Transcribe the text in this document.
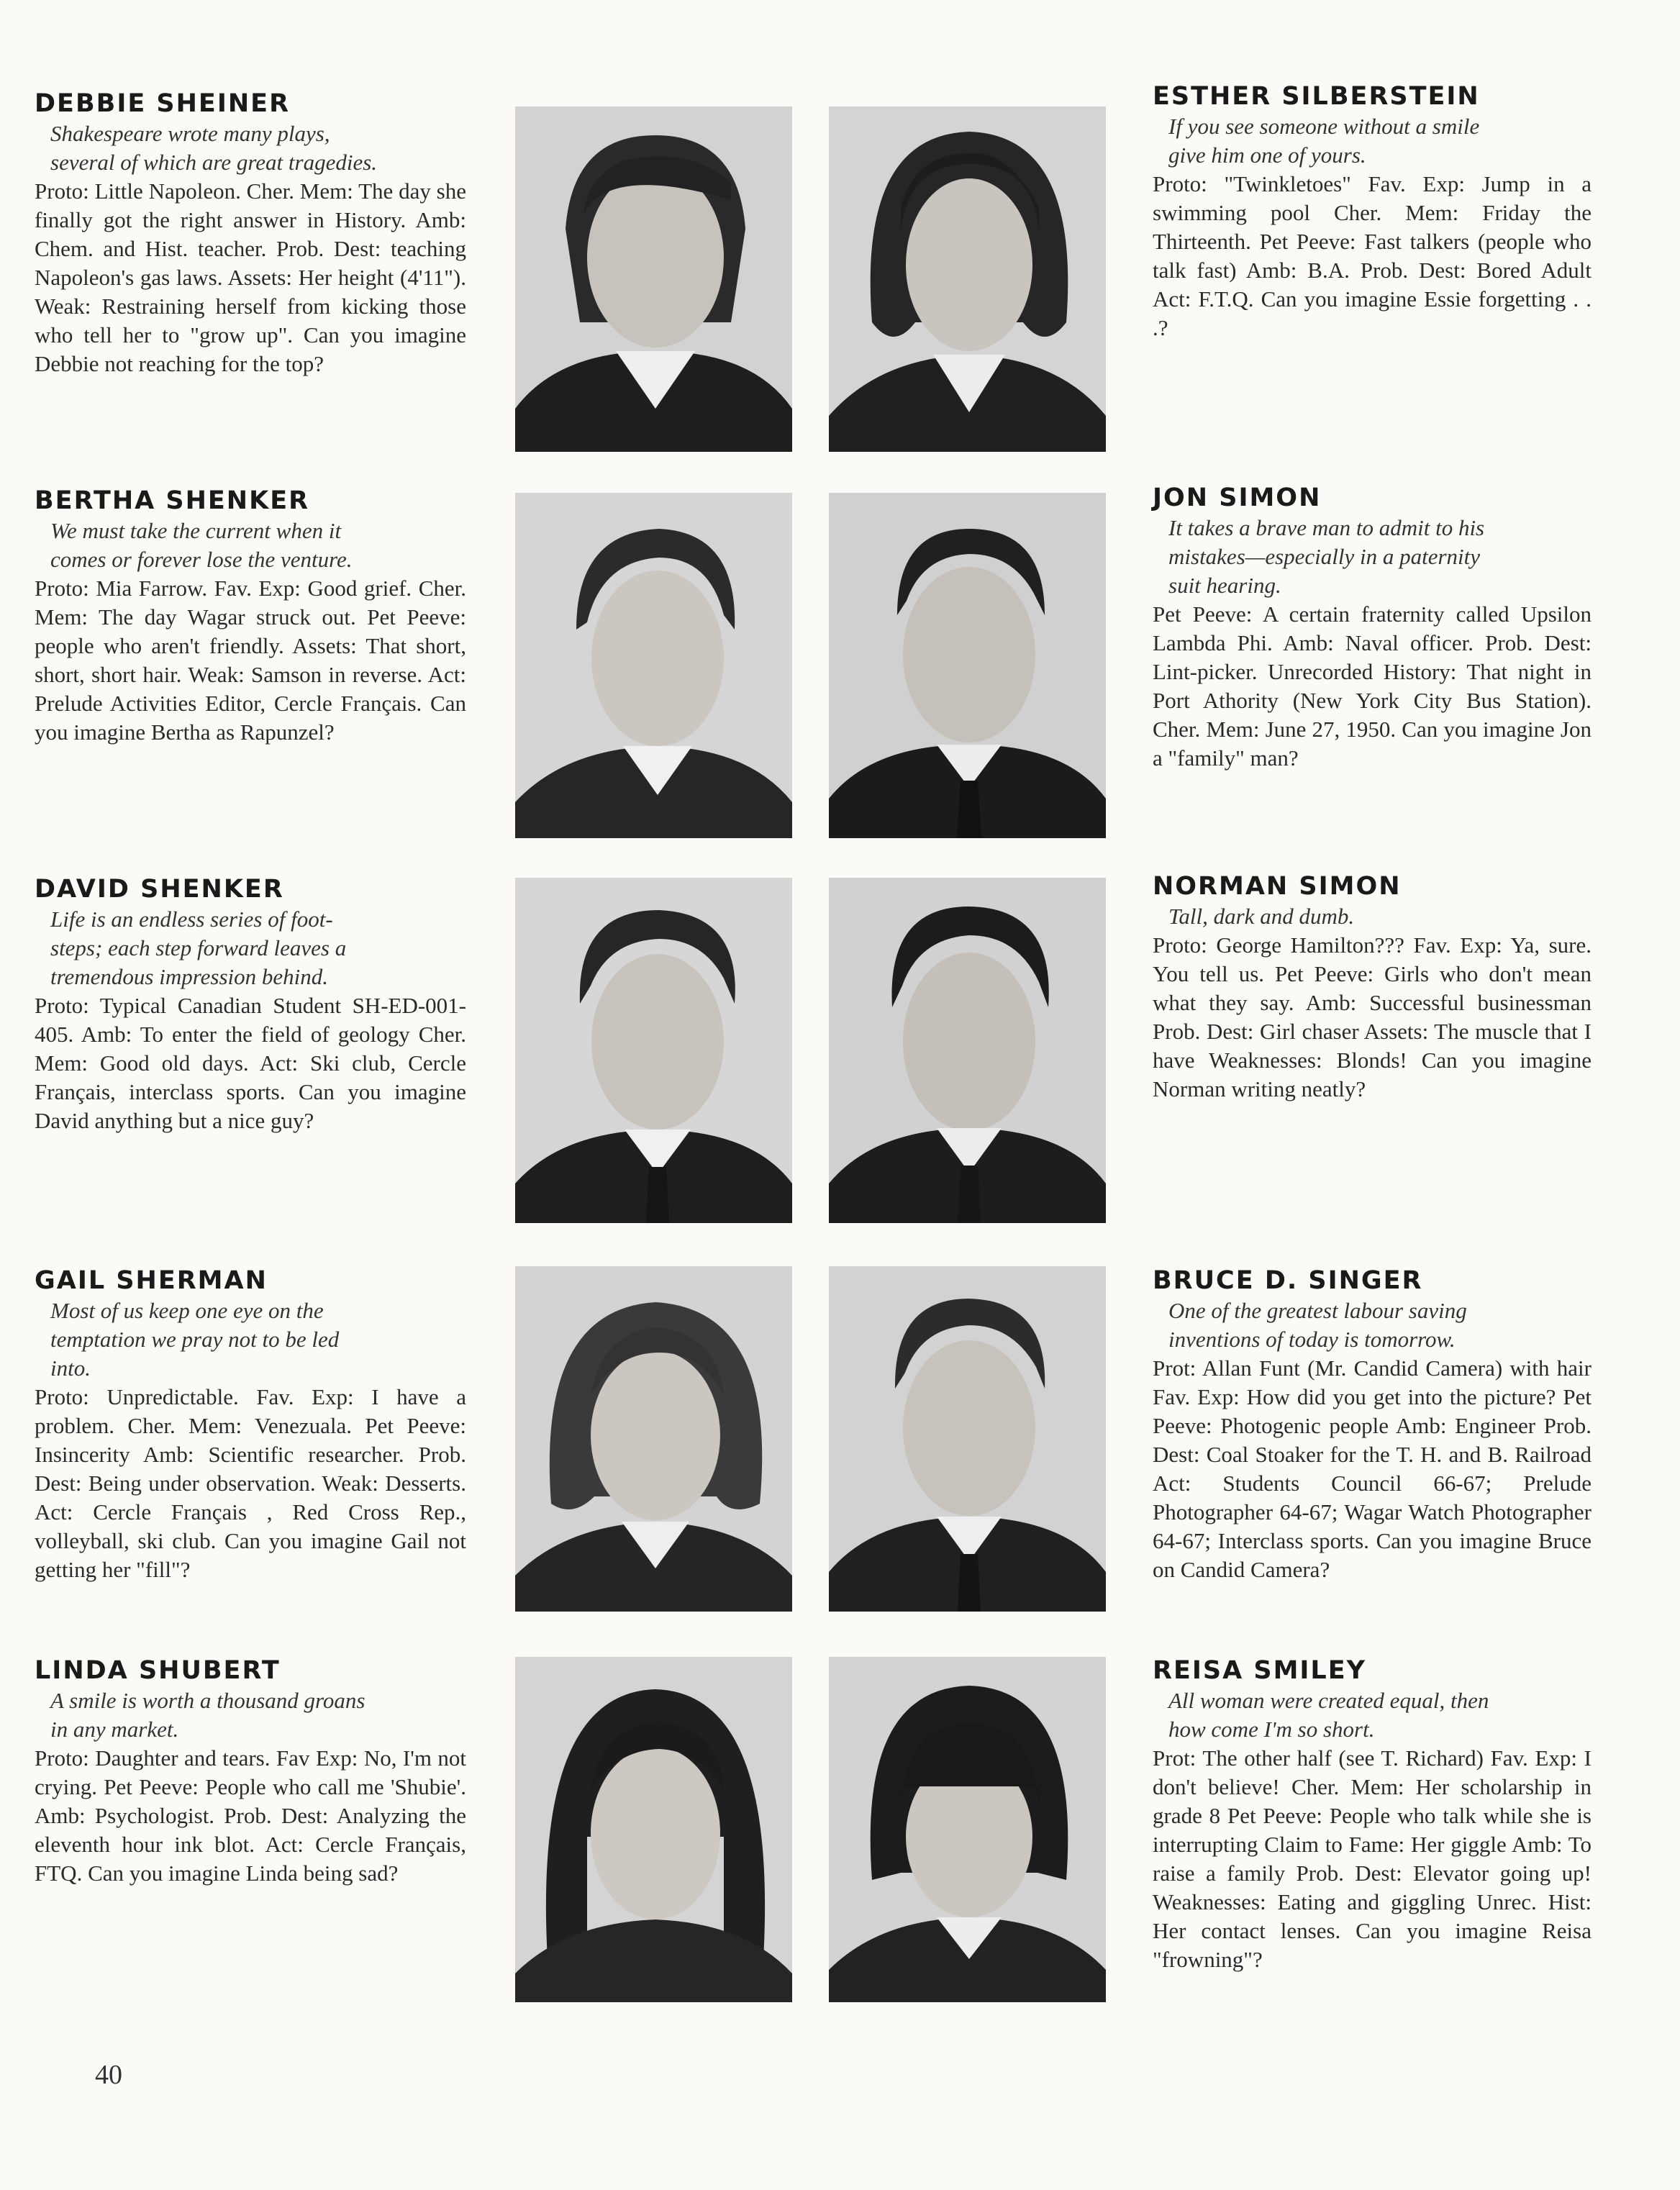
DEBBIE SHEINER
Shakespeare wrote many plays,
several of which are great tragedies.

Proto: Little Napoleon. Cher. Mem: The day she finally got the right answer in History. Amb: Chem. and Hist. teacher. Prob. Dest: teaching Napoleon's gas laws. Assets: Her height (4'11"). Weak: Restraining herself from kicking those who tell her to "grow up". Can you imagine Debbie not reaching for the top?

ESTHER SILBERSTEIN
If you see someone without a smile
give him one of yours.

Proto: "Twinkletoes" Fav. Exp: Jump in a swimming pool Cher. Mem: Friday the Thirteenth. Pet Peeve: Fast talkers (people who talk fast) Amb: B.A. Prob. Dest: Bored Adult Act: F.T.Q. Can you imagine Essie forgetting . . .?

BERTHA SHENKER
We must take the current when it
comes or forever lose the venture.

Proto: Mia Farrow. Fav. Exp: Good grief. Cher. Mem: The day Wagar struck out. Pet Peeve: people who aren't friendly. Assets: That short, short, short hair. Weak: Samson in reverse. Act: Prelude Activities Editor, Cercle Français. Can you imagine Bertha as Rapunzel?

JON SIMON
It takes a brave man to admit to his
mistakes—especially in a paternity
suit hearing.

Pet Peeve: A certain fraternity called Upsilon Lambda Phi. Amb: Naval officer. Prob. Dest: Lint-picker. Unrecorded History: That night in Port Athority (New York City Bus Station). Cher. Mem: June 27, 1950. Can you imagine Jon a "family" man?

DAVID SHENKER
Life is an endless series of foot-
steps; each step forward leaves a
tremendous impression behind.

Proto: Typical Canadian Student SH-ED-001-405. Amb: To enter the field of geology Cher. Mem: Good old days. Act: Ski club, Cercle Français, interclass sports. Can you imagine David anything but a nice guy?

NORMAN SIMON
Tall, dark and dumb.

Proto: George Hamilton??? Fav. Exp: Ya, sure. You tell us. Pet Peeve: Girls who don't mean what they say. Amb: Successful businessman Prob. Dest: Girl chaser Assets: The muscle that I have Weaknesses: Blonds! Can you imagine Norman writing neatly?

GAIL SHERMAN
Most of us keep one eye on the
temptation we pray not to be led
into.

Proto: Unpredictable. Fav. Exp: I have a problem. Cher. Mem: Venezuala. Pet Peeve: Insincerity Amb: Scientific researcher. Prob. Dest: Being under observation. Weak: Desserts. Act: Cercle Français , Red Cross Rep., volleyball, ski club. Can you imagine Gail not getting her "fill"?

BRUCE D. SINGER
One of the greatest labour saving
inventions of today is tomorrow.

Prot: Allan Funt (Mr. Candid Camera) with hair Fav. Exp: How did you get into the picture? Pet Peeve: Photogenic people Amb: Engineer Prob. Dest: Coal Stoaker for the T. H. and B. Railroad Act: Students Council 66-67; Prelude Photographer 64-67; Wagar Watch Photographer 64-67; Interclass sports. Can you imagine Bruce on Candid Camera?

LINDA SHUBERT
A smile is worth a thousand groans
in any market.

Proto: Daughter and tears. Fav Exp: No, I'm not crying. Pet Peeve: People who call me 'Shubie'. Amb: Psychologist. Prob. Dest: Analyzing the eleventh hour ink blot. Act: Cercle Français, FTQ. Can you imagine Linda being sad?

REISA SMILEY
All woman were created equal, then
how come I'm so short.

Prot: The other half (see T. Richard) Fav. Exp: I don't believe! Cher. Mem: Her scholarship in grade 8 Pet Peeve: People who talk while she is interrupting Claim to Fame: Her giggle Amb: To raise a family Prob. Dest: Elevator going up! Weaknesses: Eating and giggling Unrec. Hist: Her contact lenses. Can you imagine Reisa "frowning"?

40
